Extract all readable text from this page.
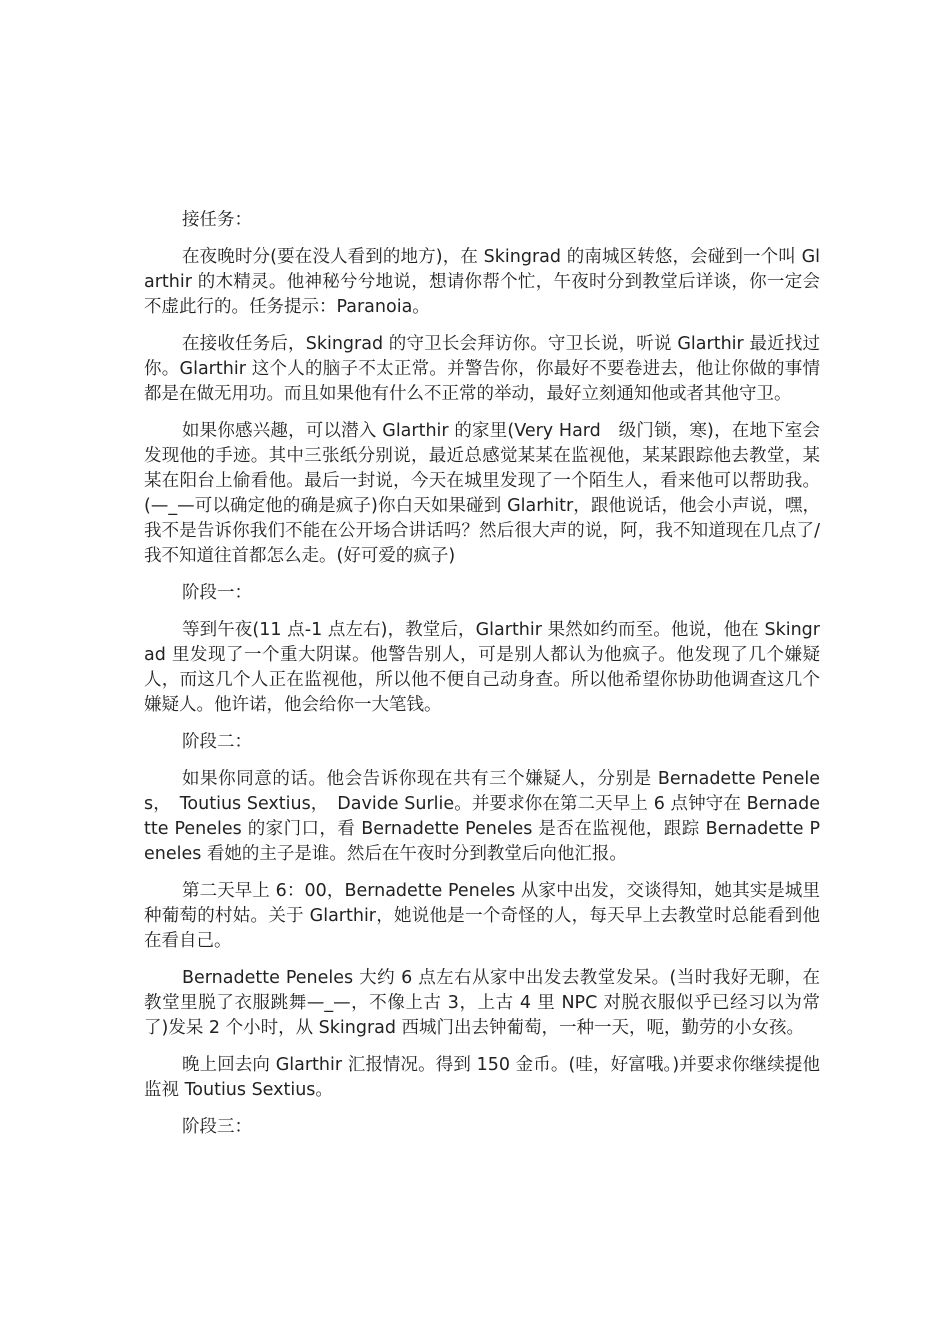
接任务：

在夜晚时分(要在没人看到的地方)，在 Skingrad 的南城区转悠，会碰到一个叫 Glarthir 的木精灵。他神秘兮兮地说，想请你帮个忙，午夜时分到教堂后详谈，你一定会不虚此行的。任务提示：Paranoia。

在接收任务后，Skingrad 的守卫长会拜访你。守卫长说，听说 Glarthir 最近找过你。Glarthir 这个人的脑子不太正常。并警告你，你最好不要卷进去，他让你做的事情都是在做无用功。而且如果他有什么不正常的举动，最好立刻通知他或者其他守卫。

如果你感兴趣，可以潜入 Glarthir 的家里(Very Hard　级门锁，寒)，在地下室会发现他的手迹。其中三张纸分别说，最近总感觉某某在监视他，某某跟踪他去教堂，某某在阳台上偷看他。最后一封说，今天在城里发现了一个陌生人，看来他可以帮助我。(—_—可以确定他的确是疯子)你白天如果碰到 Glarhitr，跟他说话，他会小声说，嘿，我不是告诉你我们不能在公开场合讲话吗？然后很大声的说，阿，我不知道现在几点了/我不知道往首都怎么走。(好可爱的疯子)

阶段一：

等到午夜(11 点-1 点左右)，教堂后，Glarthir 果然如约而至。他说，他在 Skingrad 里发现了一个重大阴谋。他警告别人，可是别人都认为他疯子。他发现了几个嫌疑人，而这几个人正在监视他，所以他不便自己动身查。所以他希望你协助他调查这几个嫌疑人。他许诺，他会给你一大笔钱。

阶段二：

如果你同意的话。他会告诉你现在共有三个嫌疑人，分别是 Bernadette Peneles，　Toutius Sextius，　Davide Surlie。并要求你在第二天早上 6 点钟守在 Bernadette Peneles 的家门口，看 Bernadette Peneles 是否在监视他，跟踪 Bernadette Peneles 看她的主子是谁。然后在午夜时分到教堂后向他汇报。

第二天早上 6：00，Bernadette Peneles 从家中出发，交谈得知，她其实是城里种葡萄的村姑。关于 Glarthir，她说他是一个奇怪的人，每天早上去教堂时总能看到他在看自己。

Bernadette Peneles 大约 6 点左右从家中出发去教堂发呆。(当时我好无聊，在教堂里脱了衣服跳舞—_—，不像上古 3，上古 4 里 NPC 对脱衣服似乎已经习以为常了)发呆 2 个小时，从 Skingrad 西城门出去钟葡萄，一种一天，呃，勤劳的小女孩。

晚上回去向 Glarthir 汇报情况。得到 150 金币。(哇，好富哦。)并要求你继续提他监视 Toutius Sextius。

阶段三：
